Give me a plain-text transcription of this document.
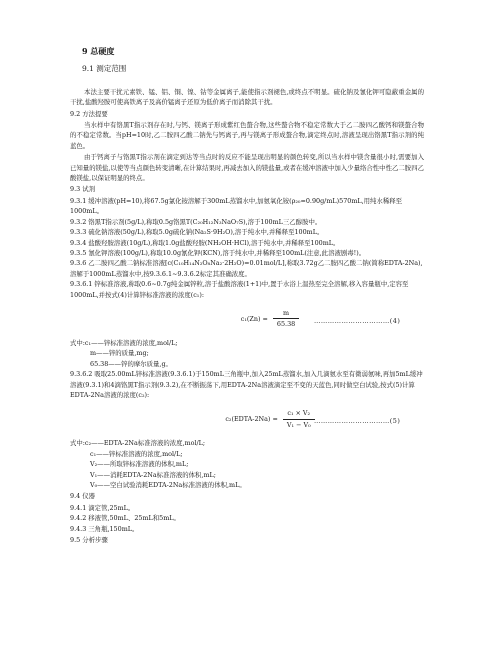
9 总硬度
9.1 测定范围

本法主要干扰元素铁、锰、铝、铜、镍、钴等金属离子,能使指示剂褪色,或终点不明显。硫化钠及氰化钾可隐蔽重金属的干扰,盐酸羟胺可使高铁离子及高价锰离子还原为低价离子而消除其干扰。

9.2 方法提要

当水样中有铬黑T指示剂存在时,与钙、镁离子形成紫红色螯合物,这些螯合物不稳定常数大于乙二胺四乙酸钙和镁螯合物的不稳定常数。当pH=10时,乙二胺四乙酸二钠先与钙离子,再与镁离子形成螯合物,滴定终点时,溶液呈现出铬黑T指示剂的纯蓝色。

由于钙离子与铬黑T指示剂在滴定到达等当点时的反应不能呈现出明显的颜色转变,所以当水样中镁含量很小时,需要加入已知量的镁盐,以使等当点颜色转变清晰,在计算结果时,再减去加入的镁盐量,或者在缓冲溶液中加入少量络合性中性乙二胺四乙酸镁盐,以保证明显的终点。

9.3 试剂

9.3.1 缓冲溶液(pH=10),将67.5g氯化铵溶解于300mL蒸馏水中,加氨氧化铵(ρ₂₀=0.90g/mL)570mL,用纯水稀释至1000mL。

9.3.2 铬黑T指示剂(5g/L),称取0.5g铬黑T(C₂₀H₁₂N₃NaO₇S),溶于100mL三乙醇胺中。

9.3.3 硫化钠溶液(50g/L),称取5.0g硫化钠(Na₂S·9H₂O),溶于纯水中,并稀释至100mL。

9.3.4 盐酸羟胺溶液(10g/L),称取1.0g盐酸羟胺(NH₂OH·HCl),溶于纯水中,并稀释至100mL。

9.3.5 氰化钾溶液(100g/L),称取10.0g氰化钾(KCN),溶于纯水中,并稀释至100mL(注意,此溶液剧毒!)。

9.3.6 乙二胺四乙酸二钠标准溶液[c(C₁₀H₁₄N₂O₈Na₂·2H₂O)=0.01mol/L],称取3.72g乙二胺四乙酸二钠(简称EDTA-2Na),溶解于1000mL蒸馏水中,按9.3.6.1~9.3.6.2标定其准确浓度。

9.3.6.1 锌标准溶液,称取0.6~0.7g纯金属锌粒,溶于盐酸溶液(1+1)中,置于水浴上温热至完全溶解,移入容量瓶中,定容至1000mL,并按式(4)计算锌标准溶液的浓度(c₁):

$c_1(Zn) = \frac{m}{65.38}$ ……………………………(4)

式中:c₁——锌标准溶液的浓度,mol/L;

m——锌的质量,mg;

65.38——锌的摩尔质量,g。

9.3.6.2 吸取25.00mL锌标准溶液(9.3.6.1)于150mL三角瓶中,加入25mL蒸馏水,加入几滴氨水至有微弱氨味,再加5mL缓冲溶液(9.3.1)和4滴铬黑T指示剂(9.3.2),在不断振荡下,用EDTA-2Na溶液滴定至不变的天蓝色,同时做空白试验,按式(5)计算EDTA-2Na溶液的浓度(c₂):

c₂(EDTA-2Na) = $\frac{\text{c₁ × V₂}}{\text{V₁ − V₀}}$ ……………………………(5)

式中:c₂——EDTA-2Na标准溶液的浓度,mol/L;

c₁——锌标准溶液的浓度,mol/L;

V₂——所取锌标准溶液的体积,mL;

V₁——消耗EDTA-2Na标准溶液的体积,mL;

V₀——空白试验消耗EDTA-2Na标准溶液的体积,mL。

9.4 仪器

9.4.1 滴定管,25mL。

9.4.2 移液管,50mL、25mL和5mL。

9.4.3 三角瓶,150mL。

9.5 分析步骤
